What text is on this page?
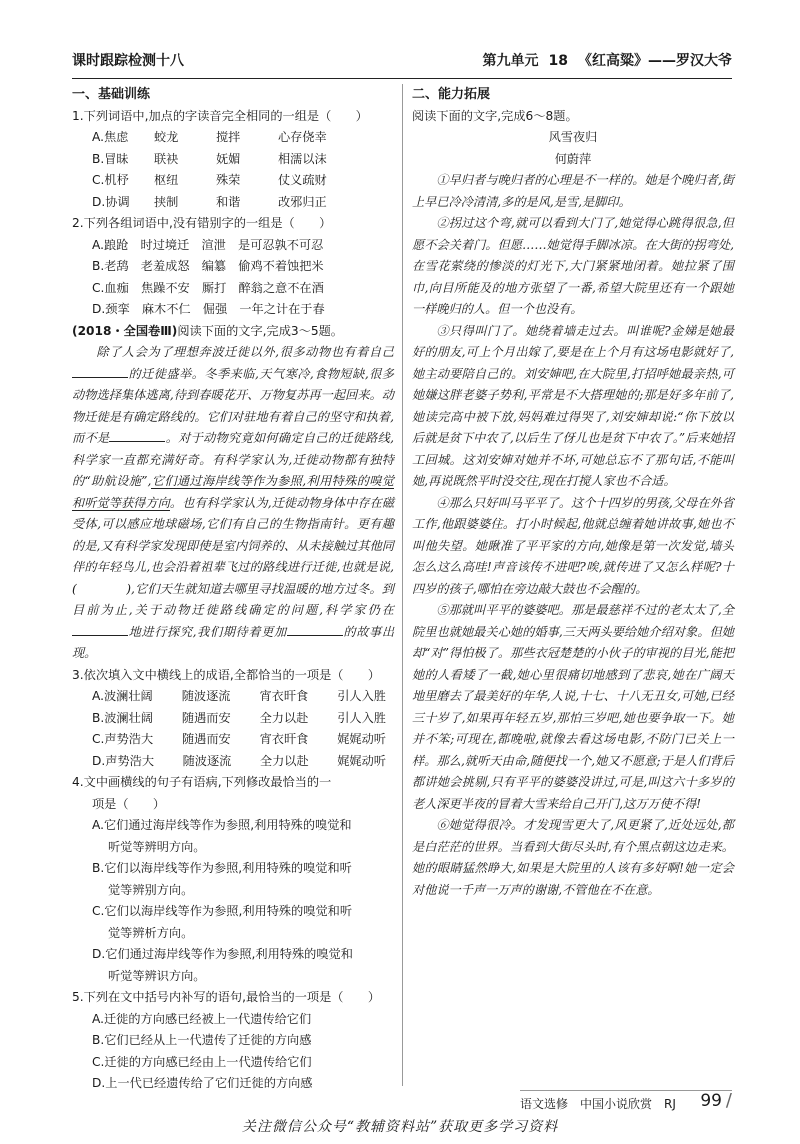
课时跟踪检测十八	第九单元 18 《红高粱》——罗汉大爷

一、基础训练

1.下列词语中,加点的字读音完全相同的一组是（　　）

A.焦虑	蛟龙	搅拌	心存侥幸

B.冒昧	联袂	妩媚	相濡以沫

C.机杼	枢纽	殊荣	仗义疏财

D.协调	挟制	和谐	改邪归正

2.下列各组词语中,没有错别字的一组是（　　）

A.踉跄　时过境迁　渲泄　是可忍孰不可忍

B.老鸹　老羞成怒　编簒　偷鸡不着蚀把米

C.血痂　焦躁不安　厮打　醉翁之意不在酒

D.颈挛　麻木不仁　倔强　一年之计在于春

(2018・全国卷Ⅲ)阅读下面的文字,完成3～5题。

除了人会为了理想奔波迁徙以外,很多动物也有着自己的迁徙盛举。冬季来临,天气寒冷,食物短缺,很多动物选择集体逃离,待到春暖花开、万物复苏再一起回来。动物迁徙是有确定路线的。它们对驻地有着自己的坚守和执着,而不是	。对于动物究竟如何确定自己的迁徙路线,科学家一直都充满好奇。有科学家认为,迁徙动物都有独特的“助航设施”,它们通过海岸线等作为参照,利用特殊的嗅觉和听觉等获得方向。也有科学家认为,迁徙动物身体中存在磁受体,可以感应地球磁场,它们有自己的生物指南针。更有趣的是,又有科学家发现即使是室内饲养的、从未接触过其他同伴的年轻鸟儿,也会沿着祖辈飞过的路线进行迁徙,也就是说,(　　　　),它们天生就知道去哪里寻找温暖的地方过冬。到目前为止,关于动物迁徙路线确定的问题,科学家仍在地进行探究,我们期待着更加	的故事出现。

3.依次填入文中横线上的成语,全都恰当的一项是（　　）

A.波澜壮阔 随波逐流 宵衣旰食 引人入胜

B.波澜壮阔 随遇而安 全力以赴 引人入胜

C.声势浩大 随遇而安 宵衣旰食 娓娓动听

D.声势浩大 随波逐流 全力以赴 娓娓动听

4.文中画横线的句子有语病,下列修改最恰当的一

项是（　　）

A.它们通过海岸线等作为参照,利用特殊的嗅觉和

听觉等辨明方向。

B.它们以海岸线等作为参照,利用特殊的嗅觉和听

觉等辨别方向。

C.它们以海岸线等作为参照,利用特殊的嗅觉和听

觉等辨析方向。

D.它们通过海岸线等作为参照,利用特殊的嗅觉和

听觉等辨识方向。

5.下列在文中括号内补写的语句,最恰当的一项是（　　）

A.迁徙的方向感已经被上一代遗传给它们

B.它们已经从上一代遗传了迁徙的方向感

C.迁徙的方向感已经由上一代遗传给它们

D.上一代已经遗传给了它们迁徙的方向感

二、能力拓展

阅读下面的文字,完成6～8题。

风雪夜归

何蔚萍

①早归者与晚归者的心理是不一样的。她是个晚归者,街上早已冷冷清清,多的是风,是雪,是脚印。

②拐过这个弯,就可以看到大门了,她觉得心跳得很急,但愿不会关着门。但愿……她觉得手脚冰凉。在大街的拐弯处,在雪花萦绕的惨淡的灯光下,大门紧紧地闭着。她拉紧了围巾,向目所能及的地方张望了一番,希望大院里还有一个跟她一样晚归的人。但一个也没有。

③只得叫门了。她绕着墙走过去。叫谁呢?金娣是她最好的朋友,可上个月出嫁了,要是在上个月有这场电影就好了,她主动要陪自己的。刘安婶吧,在大院里,打招呼她最亲热,可她嫌这胖老婆子势利,平常是不大搭理她的;那是好多年前了,她读完高中被下放,妈妈难过得哭了,刘安婶却说:“你下放以后就是贫下中农了,以后生了伢儿也是贫下中农了。”后来她招工回城。这刘安婶对她并不坏,可她总忘不了那句话,不能叫她,再说既然平时没交往,现在打搅人家也不合适。

④那么只好叫马平平了。这个十四岁的男孩,父母在外省工作,他跟婆婆住。打小时候起,他就总缠着她讲故事,她也不叫他失望。她瞅准了平平家的方向,她像是第一次发觉,墙头怎么这么高哇!声音该传不进吧?唉,就传进了又怎么样呢?十四岁的孩子,哪怕在旁边敲大鼓也不会醒的。

⑤那就叫平平的婆婆吧。那是最慈祥不过的老太太了,全院里也就她最关心她的婚事,三天两头要给她介绍对象。但她却“对”得怕极了。那些衣冠楚楚的小伙子的审视的目光,能把她的人看矮了一截,她心里很痛切地感到了悲哀,她在广阔天地里磨去了最美好的年华,人说,十七、十八无丑女,可她,已经三十岁了,如果再年轻五岁,那怕三岁吧,她也要争取一下。她并不笨;可现在,都晚啦,就像去看这场电影,不防门已关上一样。那么,就听天由命,随便找一个,她又不愿意;于是人们背后都讲她会挑剔,只有平平的婆婆没讲过,可是,叫这六十多岁的老人深更半夜的冒着大雪来给自己开门,这万万使不得!

⑥她觉得很冷。才发现雪更大了,风更紧了,近处远处,都是白茫茫的世界。当看到大街尽头时,有个黑点朝这边走来。她的眼睛猛然睁大,如果是大院里的人该有多好啊!她一定会对他说一千声一万声的谢谢,不管他在不在意。

语文选修　中国小说欣赏　RJ 99 /
关注微信公众号“教辅资料站”获取更多学习资料
